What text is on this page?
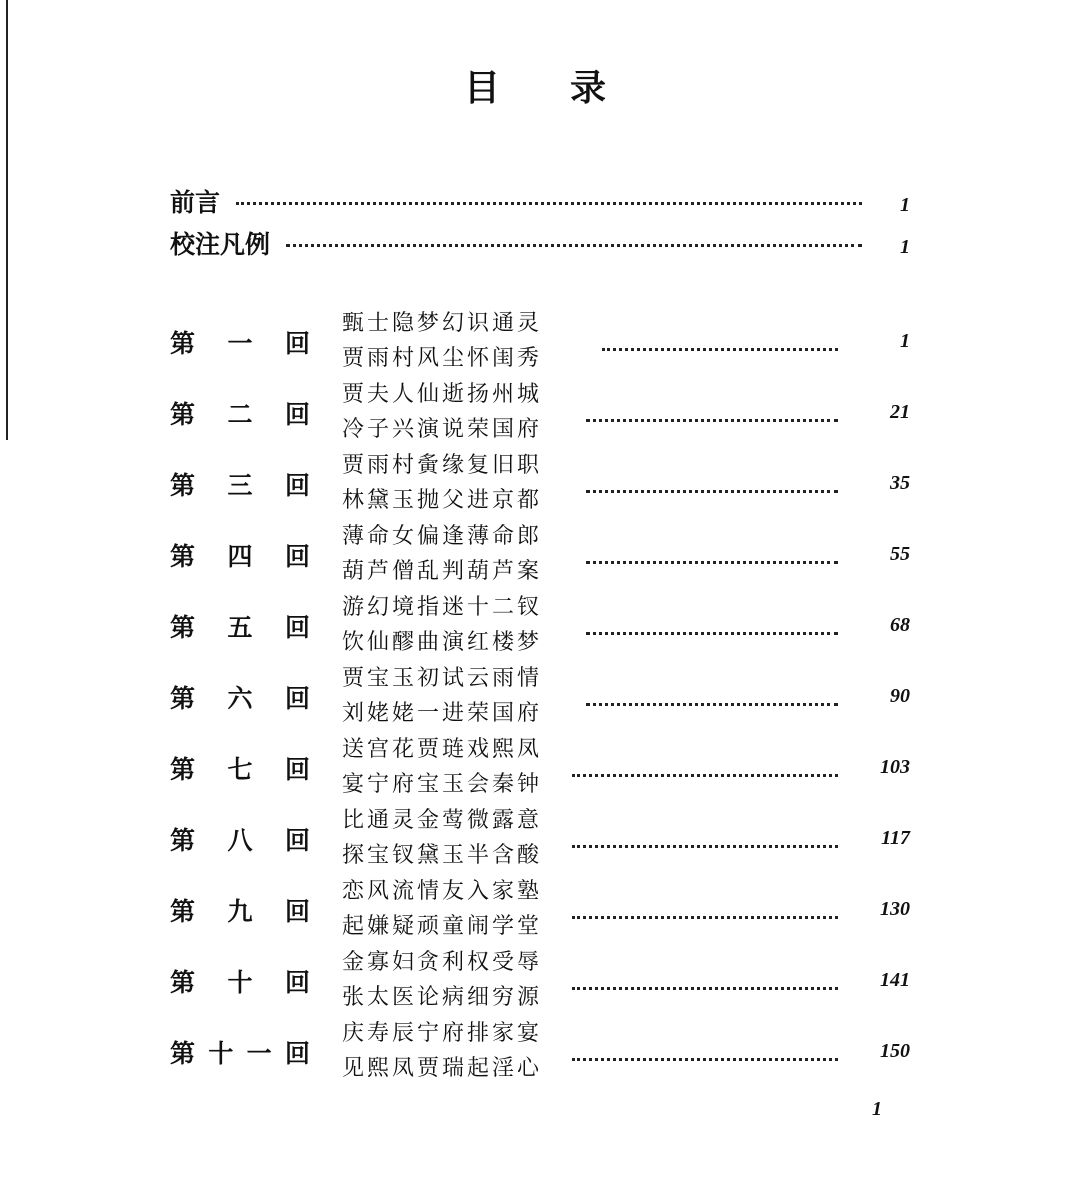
目录
前言	1
校注凡例	1
第 一 回
甄士隐梦幻识通灵
贾雨村风尘怀闺秀
1
第 二 回
贾夫人仙逝扬州城
冷子兴演说荣国府
21
第 三 回
贾雨村夤缘复旧职
林黛玉抛父进京都
35
第 四 回
薄命女偏逢薄命郎
葫芦僧乱判葫芦案
55
第 五 回
游幻境指迷十二钗
饮仙醪曲演红楼梦
68
第 六 回
贾宝玉初试云雨情
刘姥姥一进荣国府
90
第 七 回
送宫花贾琏戏熙凤
宴宁府宝玉会秦钟
103
第 八 回
比通灵金莺微露意
探宝钗黛玉半含酸
117
第 九 回
恋风流情友入家塾
起嫌疑顽童闹学堂
130
第 十 回
金寡妇贪利权受辱
张太医论病细穷源
141
第 十 一 回
庆寿辰宁府排家宴
见熙凤贾瑞起淫心
150
1
